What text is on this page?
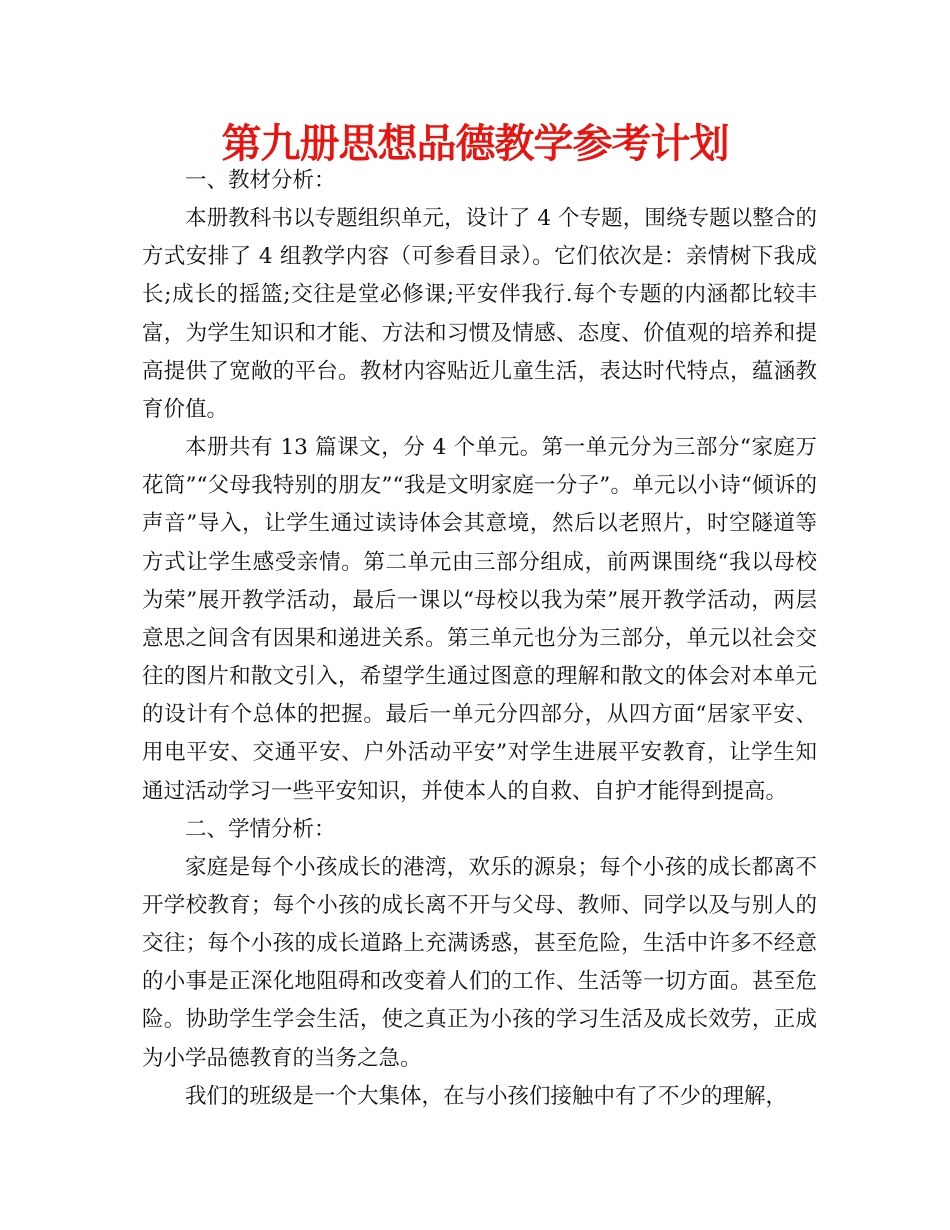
第九册思想品德教学参考计划

一、教材分析：

本册教科书以专题组织单元，设计了 4 个专题，围绕专题以整合的方式安排了 4 组教学内容（可参看目录）。它们依次是：亲情树下我成长;成长的摇篮;交往是堂必修课;平安伴我行.每个专题的内涵都比较丰富，为学生知识和才能、方法和习惯及情感、态度、价值观的培养和提高提供了宽敞的平台。教材内容贴近儿童生活，表达时代特点，蕴涵教育价值。

本册共有 13 篇课文，分 4 个单元。第一单元分为三部分“家庭万花筒”“父母我特别的朋友”“我是文明家庭一分子”。单元以小诗“倾诉的声音”导入，让学生通过读诗体会其意境，然后以老照片，时空隧道等方式让学生感受亲情。第二单元由三部分组成，前两课围绕“我以母校为荣”展开教学活动，最后一课以“母校以我为荣”展开教学活动，两层意思之间含有因果和递进关系。第三单元也分为三部分，单元以社会交往的图片和散文引入，希望学生通过图意的理解和散文的体会对本单元的设计有个总体的把握。最后一单元分四部分，从四方面“居家平安、用电平安、交通平安、户外活动平安”对学生进展平安教育，让学生知通过活动学习一些平安知识，并使本人的自救、自护才能得到提高。

二、学情分析：

家庭是每个小孩成长的港湾，欢乐的源泉；每个小孩的成长都离不开学校教育；每个小孩的成长离不开与父母、教师、同学以及与别人的交往；每个小孩的成长道路上充满诱惑，甚至危险，生活中许多不经意的小事是正深化地阻碍和改变着人们的工作、生活等一切方面。甚至危险。协助学生学会生活，使之真正为小孩的学习生活及成长效劳，正成为小学品德教育的当务之急。

我们的班级是一个大集体，在与小孩们接触中有了不少的理解，
